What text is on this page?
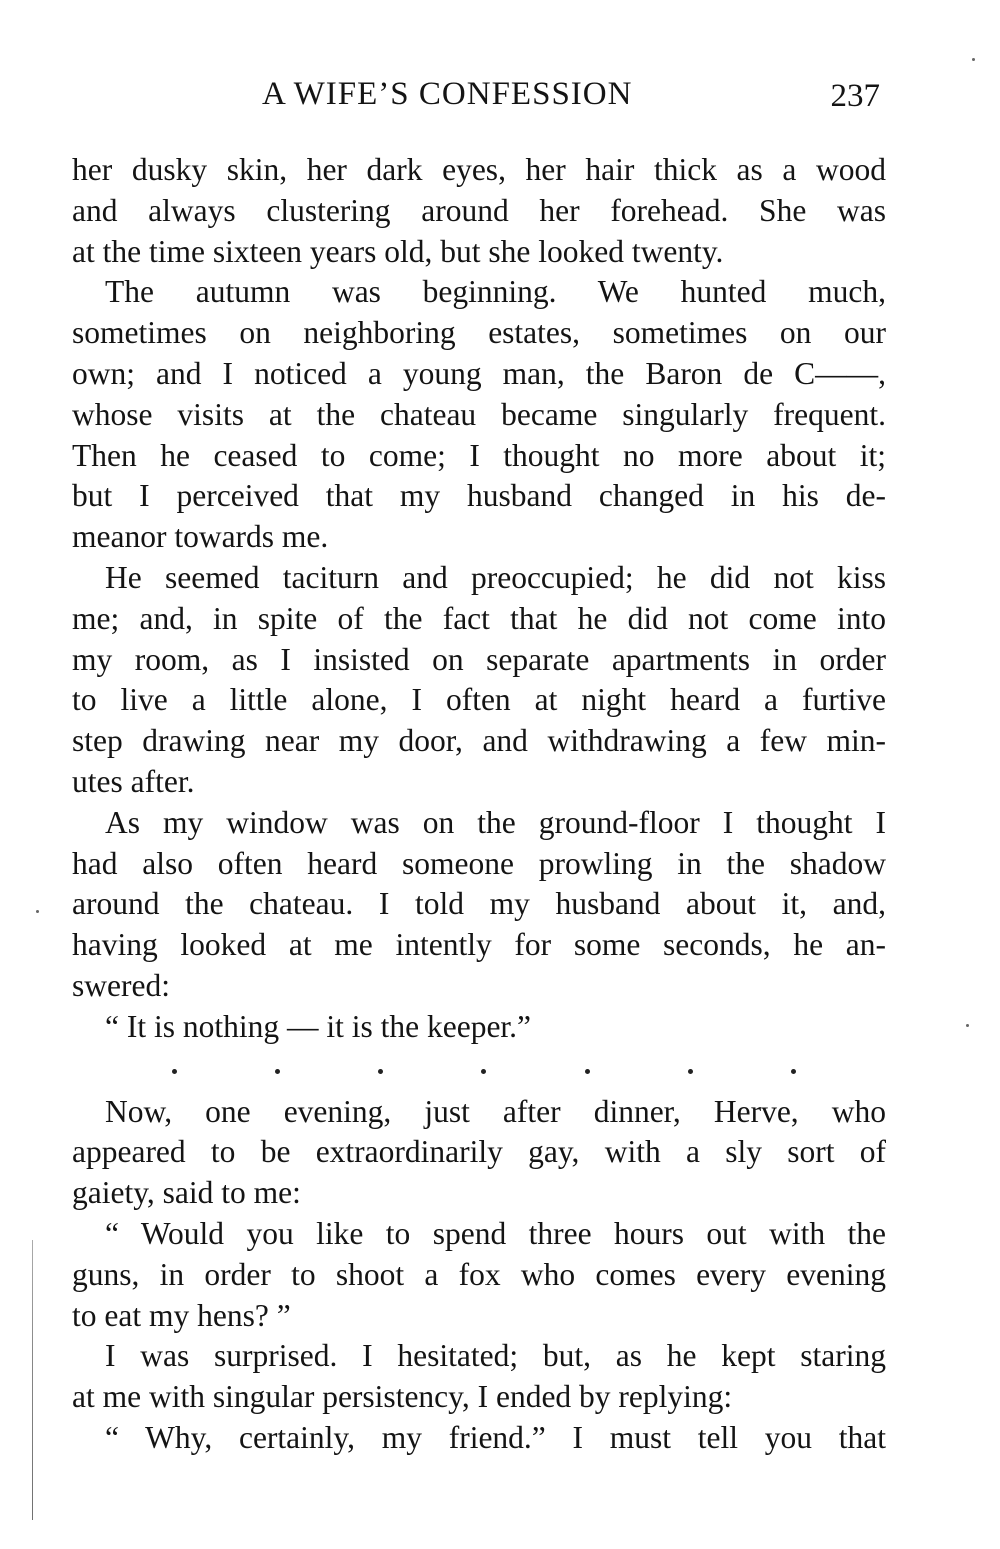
A WIFE’S CONFESSION	237
her dusky skin, her dark eyes, her hair thick as a wood
and always clustering around her forehead. She was
at the time sixteen years old, but she looked twenty.
The autumn was beginning. We hunted much,
sometimes on neighboring estates, sometimes on our
own; and I noticed a young man, the Baron de C——,
whose visits at the chateau became singularly frequent.
Then he ceased to come; I thought no more about it;
but I perceived that my husband changed in his de-
meanor towards me.
He seemed taciturn and preoccupied; he did not kiss
me; and, in spite of the fact that he did not come into
my room, as I insisted on separate apartments in order
to live a little alone, I often at night heard a furtive
step drawing near my door, and withdrawing a few min-
utes after.
As my window was on the ground-floor I thought I
had also often heard someone prowling in the shadow
around the chateau. I told my husband about it, and,
having looked at me intently for some seconds, he an-
swered:
“ It is nothing — it is the keeper.”
Now, one evening, just after dinner, Herve, who
appeared to be extraordinarily gay, with a sly sort of
gaiety, said to me:
“ Would you like to spend three hours out with the
guns, in order to shoot a fox who comes every evening
to eat my hens? ”
I was surprised. I hesitated; but, as he kept staring
at me with singular persistency, I ended by replying:
“ Why, certainly, my friend.” I must tell you that
